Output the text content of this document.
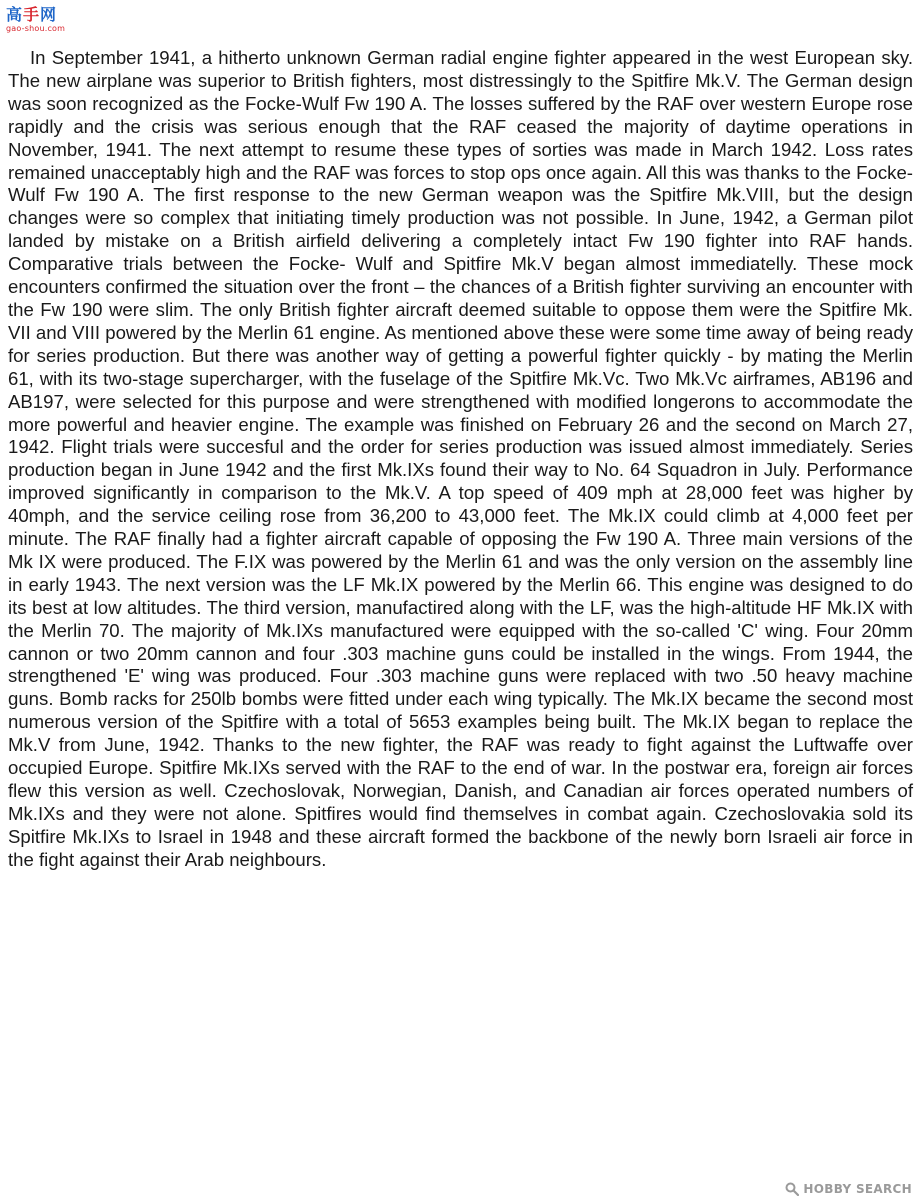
高 手 网
gao-shou.com

In September 1941, a hitherto unknown German radial engine fighter appeared in the west European sky. The new airplane was superior to British fighters, most distressingly to the Spitfire Mk.V. The German design was soon recognized as the Focke-Wulf Fw 190 A. The losses suffered by the RAF over western Europe rose rapidly and the crisis was serious enough that the RAF ceased the majority of daytime operations in November, 1941. The next attempt to resume these types of sorties was made in March 1942. Loss rates remained unacceptably high and the RAF was forces to stop ops once again. All this was thanks to the Focke-Wulf Fw 190 A. The first response to the new German weapon was the Spitfire Mk.VIII, but the design changes were so complex that initiating timely production was not possible. In June, 1942, a German pilot landed by mistake on a British airfield delivering a completely intact Fw 190 fighter into RAF hands. Comparative trials between the Focke- Wulf and Spitfire Mk.V began almost immediatelly. These mock encounters confirmed the situation over the front – the chances of a British fighter surviving an encounter with the Fw 190 were slim. The only British fighter aircraft deemed suitable to oppose them were the Spitfire Mk. VII and VIII powered by the Merlin 61 engine. As mentioned above these were some time away of being ready for series production. But there was another way of getting a powerful fighter quickly - by mating the Merlin 61, with its two-stage supercharger, with the fuselage of the Spitfire Mk.Vc. Two Mk.Vc airframes, AB196 and AB197, were selected for this purpose and were strengthened with modified longerons to accommodate the more powerful and heavier engine. The example was finished on February 26 and the second on March 27, 1942. Flight trials were succesful and the order for series production was issued almost immediately. Series production began in June 1942 and the first Mk.IXs found their way to No. 64 Squadron in July. Performance improved significantly in comparison to the Mk.V. A top speed of 409 mph at 28,000 feet was higher by 40mph, and the service ceiling rose from 36,200 to 43,000 feet. The Mk.IX could climb at 4,000 feet per minute. The RAF finally had a fighter aircraft capable of opposing the Fw 190 A. Three main versions of the Mk IX were produced. The F.IX was powered by the Merlin 61 and was the only version on the assembly line in early 1943. The next version was the LF Mk.IX powered by the Merlin 66. This engine was designed to do its best at low altitudes. The third version, manufactired along with the LF, was the high-altitude HF Mk.IX with the Merlin 70. The majority of Mk.IXs manufactured were equipped with the so-called 'C' wing. Four 20mm cannon or two 20mm cannon and four .303 machine guns could be installed in the wings. From 1944, the strengthened 'E' wing was produced. Four .303 machine guns were replaced with two .50 heavy machine guns. Bomb racks for 250lb bombs were fitted under each wing typically. The Mk.IX became the second most numerous version of the Spitfire with a total of 5653 examples being built. The Mk.IX began to replace the Mk.V from June, 1942. Thanks to the new fighter, the RAF was ready to fight against the Luftwaffe over occupied Europe. Spitfire Mk.IXs served with the RAF to the end of war. In the postwar era, foreign air forces flew this version as well. Czechoslovak, Norwegian, Danish, and Canadian air forces operated numbers of Mk.IXs and they were not alone. Spitfires would find themselves in combat again. Czechoslovakia sold its Spitfire Mk.IXs to Israel in 1948 and these aircraft formed the backbone of the newly born Israeli air force in the fight against their Arab neighbours.

HOBBY SEARCH
